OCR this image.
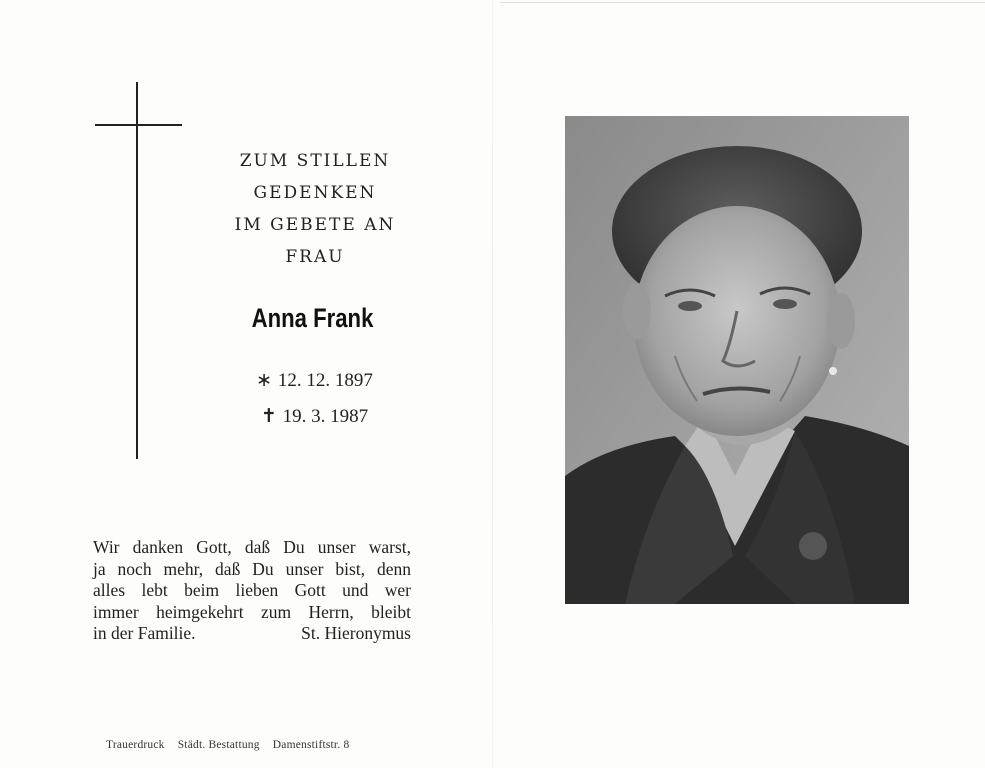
ZUM STILLEN
GEDENKEN
IM GEBETE AN
FRAU
Anna Frank
∗ 12. 12. 1897
✝ 19. 3. 1987
Wir danken Gott, daß Du unser warst,
ja noch mehr, daß Du unser bist, denn
alles lebt beim lieben Gott und wer
immer heimgekehrt zum Herrn, bleibt
in der Familie.	St. Hieronymus
Trauerdruck Städt. Bestattung Damenstiftstr. 8
